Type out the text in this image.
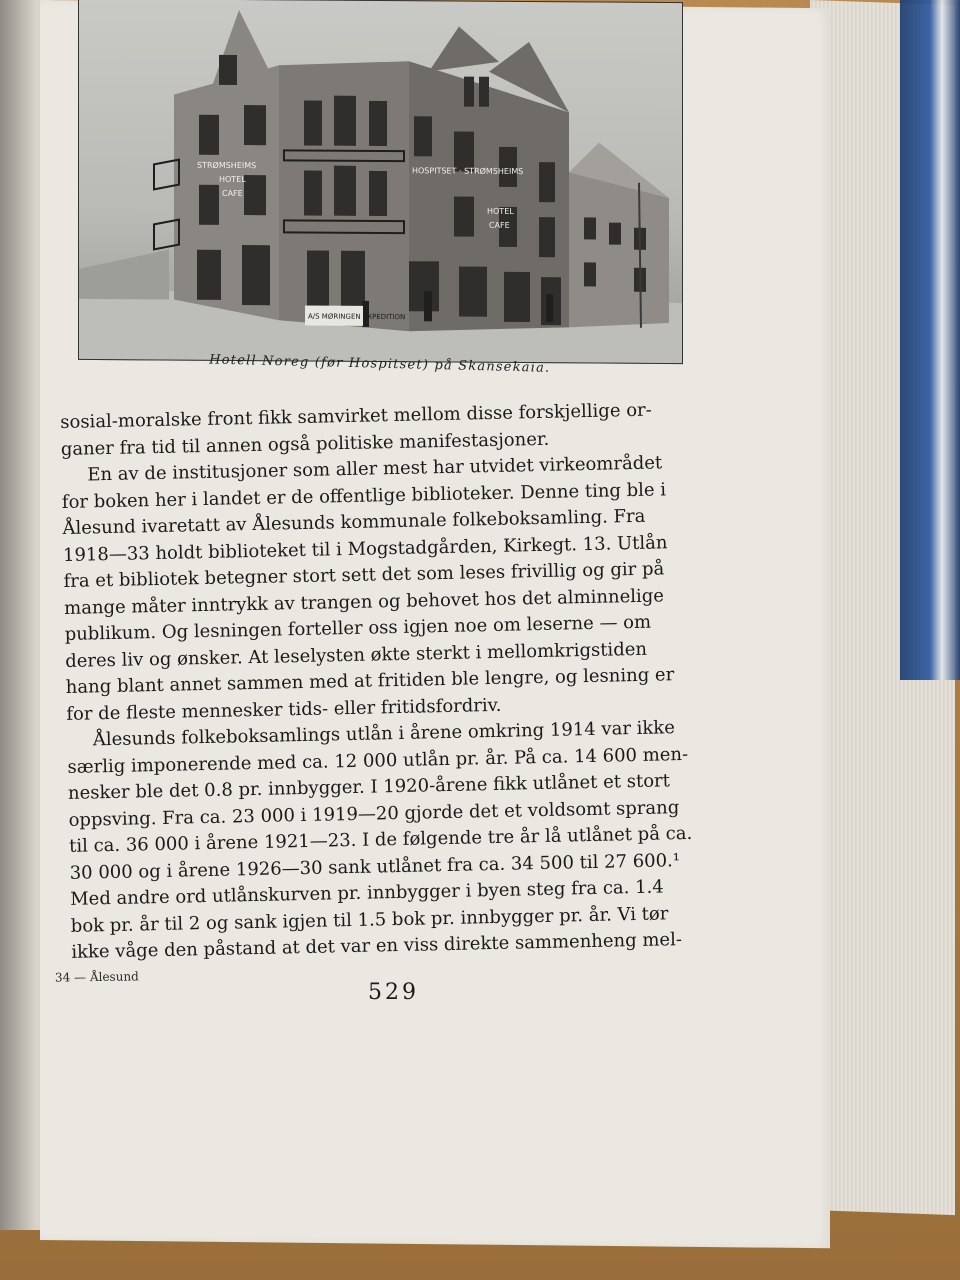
STRØMSHEIMS
HOTEL
CAFE
HOSPITSET · STRØMSHEIMS
HOTEL
CAFE
A/S MØRINGEN EXPEDITION
Hotell Noreg (før Hospitset) på Skansekaia.
sosial-moralske front fikk samvirket mellom disse forskjellige or-
ganer fra tid til annen også politiske manifestasjoner.
En av de institusjoner som aller mest har utvidet virkeområdet
for boken her i landet er de offentlige biblioteker. Denne ting ble i
Ålesund ivaretatt av Ålesunds kommunale folkeboksamling. Fra
1918—33 holdt biblioteket til i Mogstadgården, Kirkegt. 13. Utlån
fra et bibliotek betegner stort sett det som leses frivillig og gir på
mange måter inntrykk av trangen og behovet hos det alminnelige
publikum. Og lesningen forteller oss igjen noe om leserne — om
deres liv og ønsker. At leselysten økte sterkt i mellomkrigstiden
hang blant annet sammen med at fritiden ble lengre, og lesning er
for de fleste mennesker tids- eller fritidsfordriv.
Ålesunds folkeboksamlings utlån i årene omkring 1914 var ikke
særlig imponerende med ca. 12 000 utlån pr. år. På ca. 14 600 men-
nesker ble det 0.8 pr. innbygger. I 1920-årene fikk utlånet et stort
oppsving. Fra ca. 23 000 i 1919—20 gjorde det et voldsomt sprang
til ca. 36 000 i årene 1921—23. I de følgende tre år lå utlånet på ca.
30 000 og i årene 1926—30 sank utlånet fra ca. 34 500 til 27 600.¹
Med andre ord utlånskurven pr. innbygger i byen steg fra ca. 1.4
bok pr. år til 2 og sank igjen til 1.5 bok pr. innbygger pr. år. Vi tør
ikke våge den påstand at det var en viss direkte sammenheng mel-
34 — Ålesund
529
